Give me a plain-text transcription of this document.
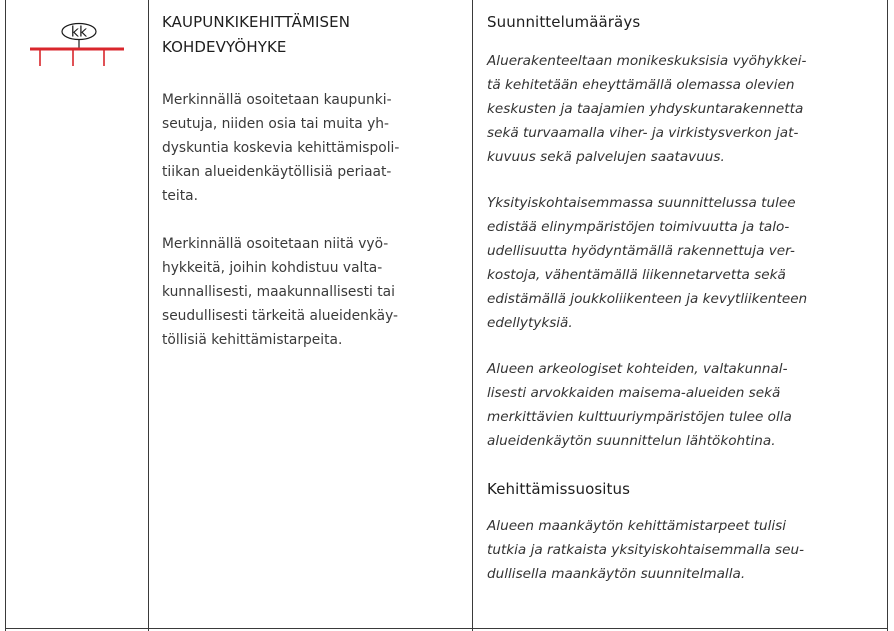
kk
KAUPUNKIKEHITTÄMISEN
KOHDEVYÖHYKE

Merkinnällä osoitetaan kaupunki-
seutuja, niiden osia tai muita yh-
dyskuntia koskevia kehittämispoli-
tiikan alueidenkäytöllisiä periaat-
teita.

Merkinnällä osoitetaan niitä vyö-
hykkeitä, joihin kohdistuu valta-
kunnallisesti, maakunnallisesti tai
seudullisesti tärkeitä alueidenkäy-
töllisiä kehittämistarpeita.

Suunnittelumääräys

Aluerakenteeltaan monikeskuksisia vyöhykkei-
tä kehitetään eheyttämällä olemassa olevien
keskusten ja taajamien yhdyskuntarakennetta
sekä turvaamalla viher- ja virkistysverkon jat-
kuvuus sekä palvelujen saatavuus.

Yksityiskohtaisemmassa suunnittelussa tulee
edistää elinympäristöjen toimivuutta ja talo-
udellisuutta hyödyntämällä rakennettuja ver-
kostoja, vähentämällä liikennetarvetta sekä
edistämällä joukkoliikenteen ja kevytliikenteen
edellytyksiä.

Alueen arkeologiset kohteiden, valtakunnal-
lisesti arvokkaiden maisema-alueiden sekä
merkittävien kulttuuriympäristöjen tulee olla
alueidenkäytön suunnittelun lähtökohtina.

Kehittämissuositus

Alueen maankäytön kehittämistarpeet tulisi
tutkia ja ratkaista yksityiskohtaisemmalla seu-
dullisella maankäytön suunnitelmalla.
